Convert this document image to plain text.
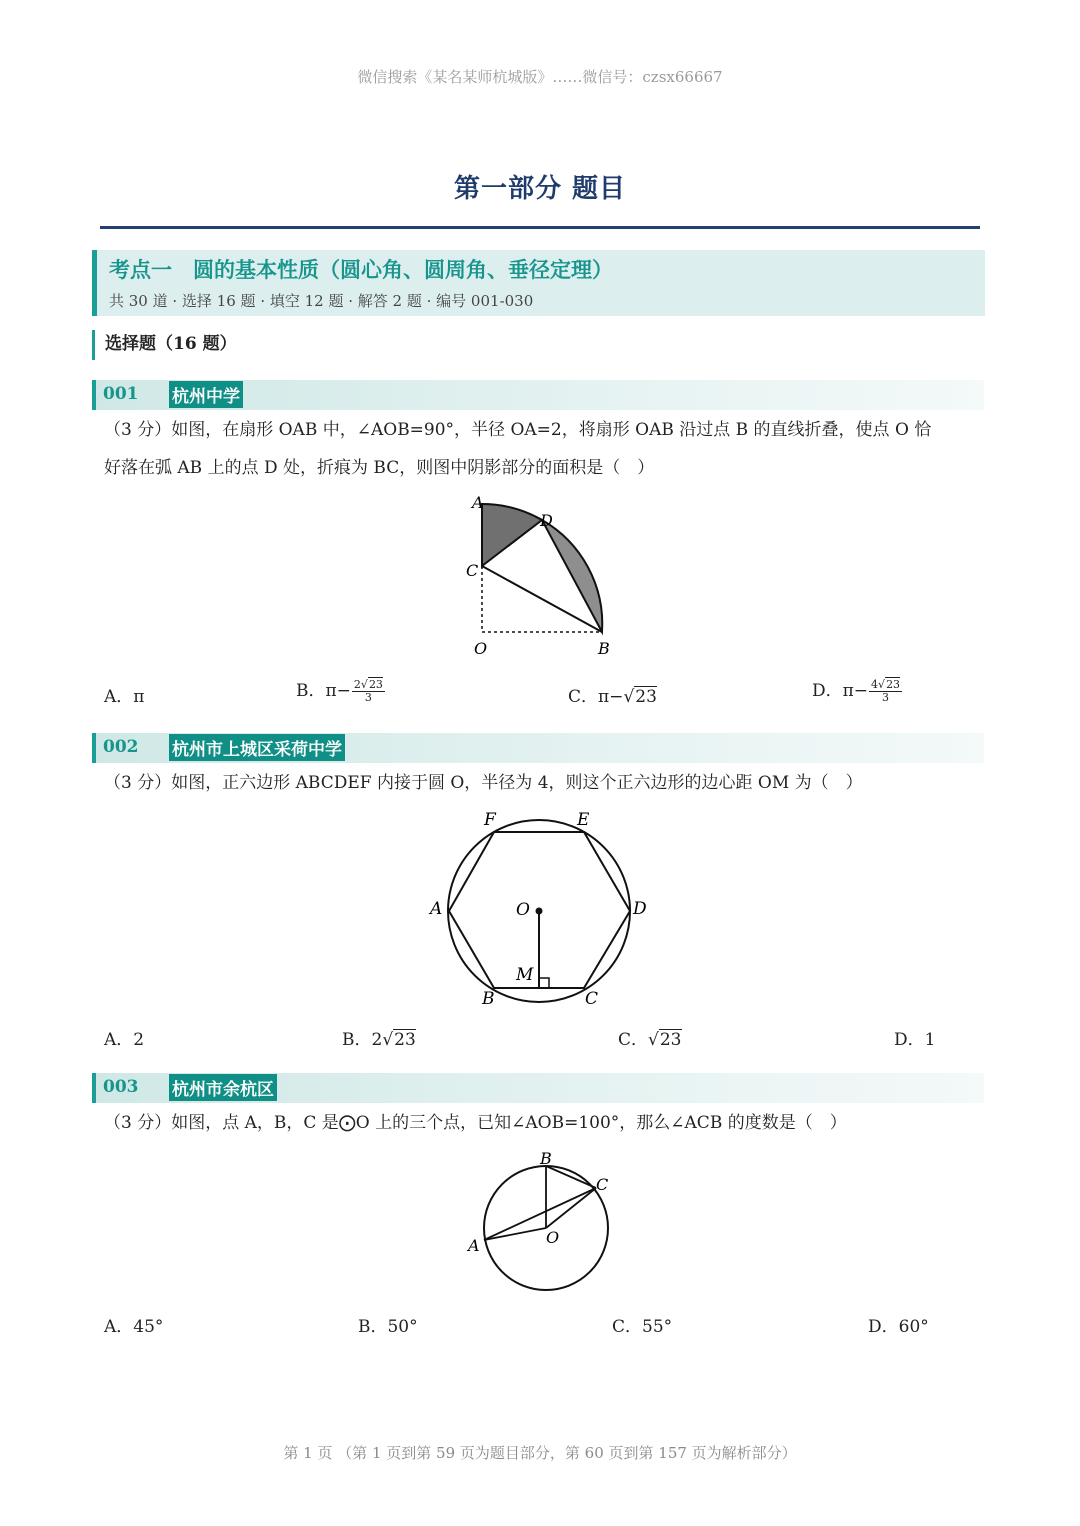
微信搜索《某名某师杭城版》……微信号：czsx66667
第一部分 题目
考点一　圆的基本性质（圆心角、圆周角、垂径定理）
共 30 道 · 选择 16 题 · 填空 12 题 · 解答 2 题 · 编号 001-030
选择题（16 题）
001 杭州中学
（3 分）如图，在扇形 OAB 中，∠AOB=90°，半径 OA=2，将扇形 OAB 沿过点 B 的直线折叠，使点 O 恰
好落在弧 AB 上的点 D 处，折痕为 BC，则图中阴影部分的面积是（　）
A
D
C
O	B
A．π	B．$\pi- \frac{2√23}{3}$	C．π−√23	D．$\pi- \frac{4√23}{3}$
002 杭州市上城区采荷中学
（3 分）如图，正六边形 ABCDEF 内接于圆 O，半径为 4，则这个正六边形的边心距 OM 为（　）
F	E
A	O	D
M
B	C
A．2	B．2√23	C．√23	D．1
003 杭州市余杭区
（3 分）如图，点 A，B，C 是⨀O 上的三个点，已知∠AOB=100°，那么∠ACB 的度数是（　）
B
C
A	O
A．45°	B．50°	C．55°	D．60°
第 1 页 （第 1 页到第 59 页为题目部分，第 60 页到第 157 页为解析部分）
